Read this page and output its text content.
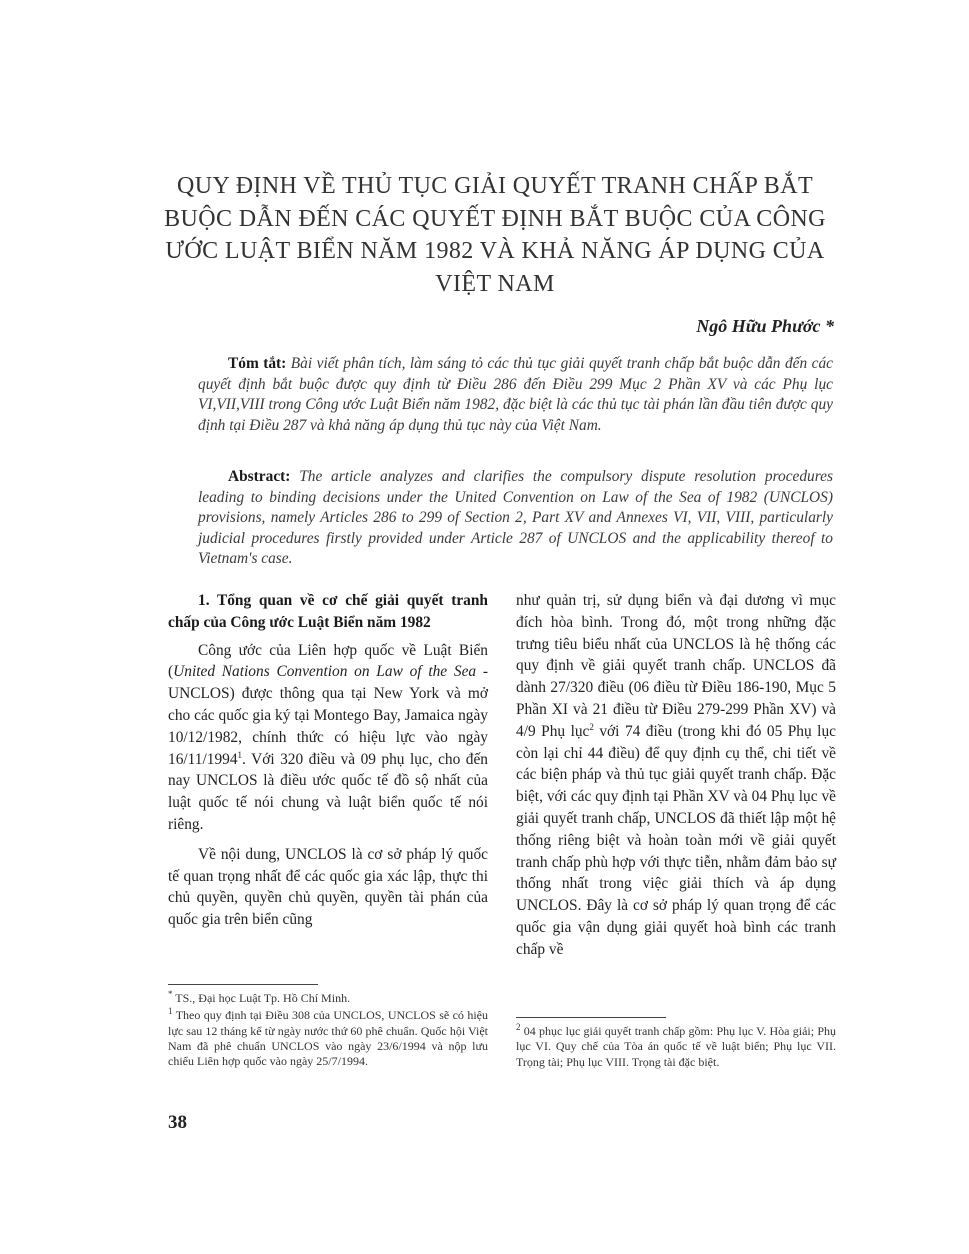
QUY ĐỊNH VỀ THỦ TỤC GIẢI QUYẾT TRANH CHẤP BẮT
BUỘC DẪN ĐẾN CÁC QUYẾT ĐỊNH BẮT BUỘC CỦA CÔNG
ƯỚC LUẬT BIỂN NĂM 1982 VÀ KHẢ NĂNG ÁP DỤNG CỦA
VIỆT NAM
Ngô Hữu Phước *
Tóm tắt: Bài viết phân tích, làm sáng tỏ các thủ tục giải quyết tranh chấp bắt buộc dẫn đến các quyết định bắt buộc được quy định từ Điều 286 đến Điều 299 Mục 2 Phần XV và các Phụ lục VI,VII,VIII trong Công ước Luật Biển năm 1982, đặc biệt là các thủ tục tài phán lần đầu tiên được quy định tại Điều 287 và khả năng áp dụng thủ tục này của Việt Nam.
Abstract: The article analyzes and clarifies the compulsory dispute resolution procedures leading to binding decisions under the United Convention on Law of the Sea of 1982 (UNCLOS) provisions, namely Articles 286 to 299 of Section 2, Part XV and Annexes VI, VII, VIII, particularly judicial procedures firstly provided under Article 287 of UNCLOS and the applicability thereof to Vietnam's case.
1. Tổng quan về cơ chế giải quyết tranh chấp của Công ước Luật Biển năm 1982

Công ước của Liên hợp quốc về Luật Biển (United Nations Convention on Law of the Sea - UNCLOS) được thông qua tại New York và mở cho các quốc gia ký tại Montego Bay, Jamaica ngày 10/12/1982, chính thức có hiệu lực vào ngày 16/11/1994$^1$. Với 320 điều và 09 phụ lục, cho đến nay UNCLOS là điều ước quốc tế đồ sộ nhất của luật quốc tế nói chung và luật biển quốc tế nói riêng.

Về nội dung, UNCLOS là cơ sở pháp lý quốc tế quan trọng nhất để các quốc gia xác lập, thực thi chủ quyền, quyền chủ quyền, quyền tài phán của quốc gia trên biển cũng

như quản trị, sử dụng biển và đại dương vì mục đích hòa bình. Trong đó, một trong những đặc trưng tiêu biểu nhất của UNCLOS là hệ thống các quy định về giải quyết tranh chấp. UNCLOS đã dành 27/320 điều (06 điều từ Điều 186-190, Mục 5 Phần XI và 21 điều từ Điều 279-299 Phần XV) và 4/9 Phụ lục$^2$ với 74 điều (trong khi đó 05 Phụ lục còn lại chỉ 44 điều) để quy định cụ thể, chi tiết về các biện pháp và thủ tục giải quyết tranh chấp. Đặc biệt, với các quy định tại Phần XV và 04 Phụ lục về giải quyết tranh chấp, UNCLOS đã thiết lập một hệ thống riêng biệt và hoàn toàn mới về giải quyết tranh chấp phù hợp với thực tiễn, nhằm đảm bảo sự thống nhất trong việc giải thích và áp dụng UNCLOS. Đây là cơ sở pháp lý quan trọng để các quốc gia vận dụng giải quyết hoà bình các tranh chấp về

* TS., Đại học Luật Tp. Hồ Chí Minh.

$^1$ Theo quy định tại Điều 308 của UNCLOS, UNCLOS sẽ có hiệu lực sau 12 tháng kể từ ngày nước thứ 60 phê chuẩn. Quốc hội Việt Nam đã phê chuẩn UNCLOS vào ngày 23/6/1994 và nộp lưu chiểu Liên hợp quốc vào ngày 25/7/1994.

$^2$ 04 phục lục giải quyết tranh chấp gồm: Phụ lục V. Hòa giải; Phụ lục VI. Quy chế của Tòa án quốc tế về luật biển; Phụ lục VII. Trọng tài; Phụ lục VIII. Trọng tài đặc biệt.

38
